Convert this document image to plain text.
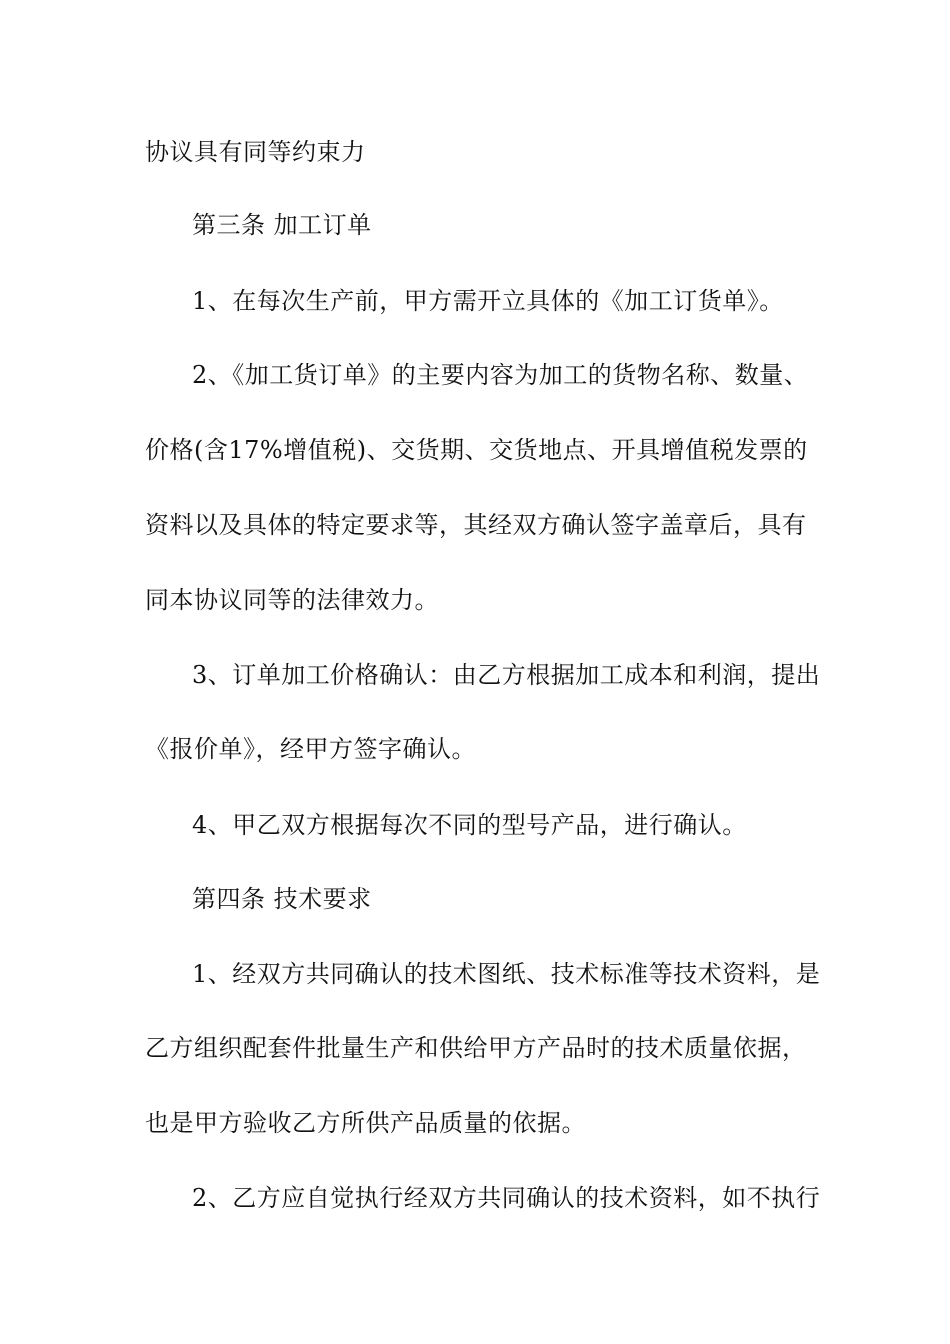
协议具有同等约束力
第三条 加工订单
1、在每次生产前，甲方需开立具体的《加工订货单》。
2、《加工货订单》的主要内容为加工的货物名称、数量、
价格(含17%增值税)、交货期、交货地点、开具增值税发票的
资料以及具体的特定要求等，其经双方确认签字盖章后，具有
同本协议同等的法律效力。
3、订单加工价格确认：由乙方根据加工成本和利润，提出
《报价单》，经甲方签字确认。
4、甲乙双方根据每次不同的型号产品，进行确认。
第四条 技术要求
1、经双方共同确认的技术图纸、技术标准等技术资料，是
乙方组织配套件批量生产和供给甲方产品时的技术质量依据，
也是甲方验收乙方所供产品质量的依据。
2、乙方应自觉执行经双方共同确认的技术资料，如不执行
